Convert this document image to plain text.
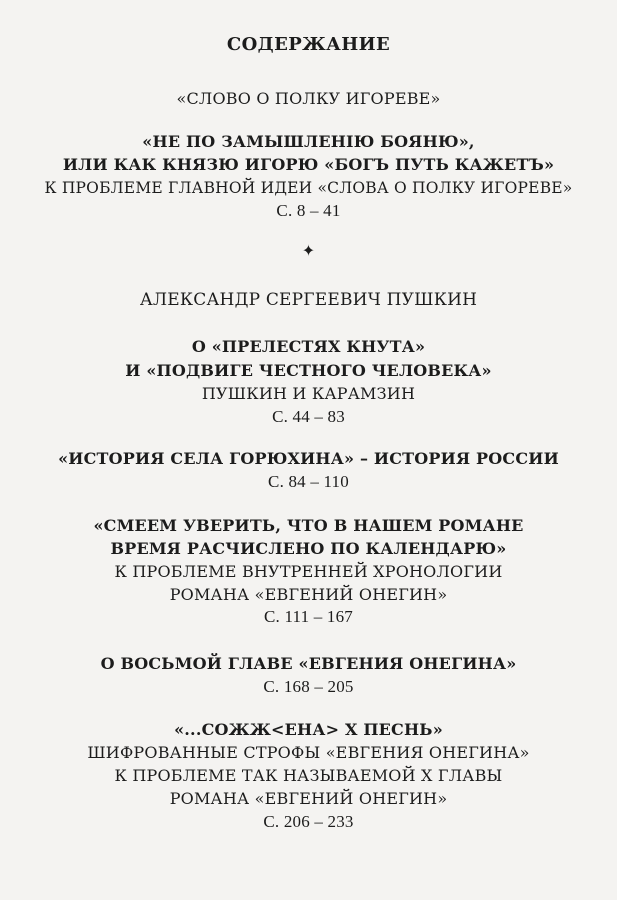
СОДЕРЖАНИЕ
«СЛОВО О ПОЛКУ ИГОРЕВЕ»
«НЕ ПО ЗАМЫШЛЕНІЮ БОЯНЮ»,
ИЛИ КАК КНЯЗЮ ИГОРЮ «БОГЪ ПУТЬ КАЖЕТЪ»
К ПРОБЛЕМЕ ГЛАВНОЙ ИДЕИ «СЛОВА О ПОЛКУ ИГОРЕВЕ»
С. 8 – 41
✦
АЛЕКСАНДР СЕРГЕЕВИЧ ПУШКИН
О «ПРЕЛЕСТЯХ КНУТА»
И «ПОДВИГЕ ЧЕСТНОГО ЧЕЛОВЕКА»
ПУШКИН И КАРАМЗИН
С. 44 – 83
«ИСТОРИЯ СЕЛА ГОРЮХИНА» – ИСТОРИЯ РОССИИ
С. 84 – 110
«СМЕЕМ УВЕРИТЬ, ЧТО В НАШЕМ РОМАНЕ
ВРЕМЯ РАСЧИСЛЕНО ПО КАЛЕНДАРЮ»
К ПРОБЛЕМЕ ВНУТРЕННЕЙ ХРОНОЛОГИИ
РОМАНА «ЕВГЕНИЙ ОНЕГИН»
С. 111 – 167
О ВОСЬМОЙ ГЛАВЕ «ЕВГЕНИЯ ОНЕГИНА»
С. 168 – 205
«...СОЖЖ<ЕНА> X ПЕСНЬ»
ШИФРОВАННЫЕ СТРОФЫ «ЕВГЕНИЯ ОНЕГИНА»
К ПРОБЛЕМЕ ТАК НАЗЫВАЕМОЙ X ГЛАВЫ
РОМАНА «ЕВГЕНИЙ ОНЕГИН»
С. 206 – 233
